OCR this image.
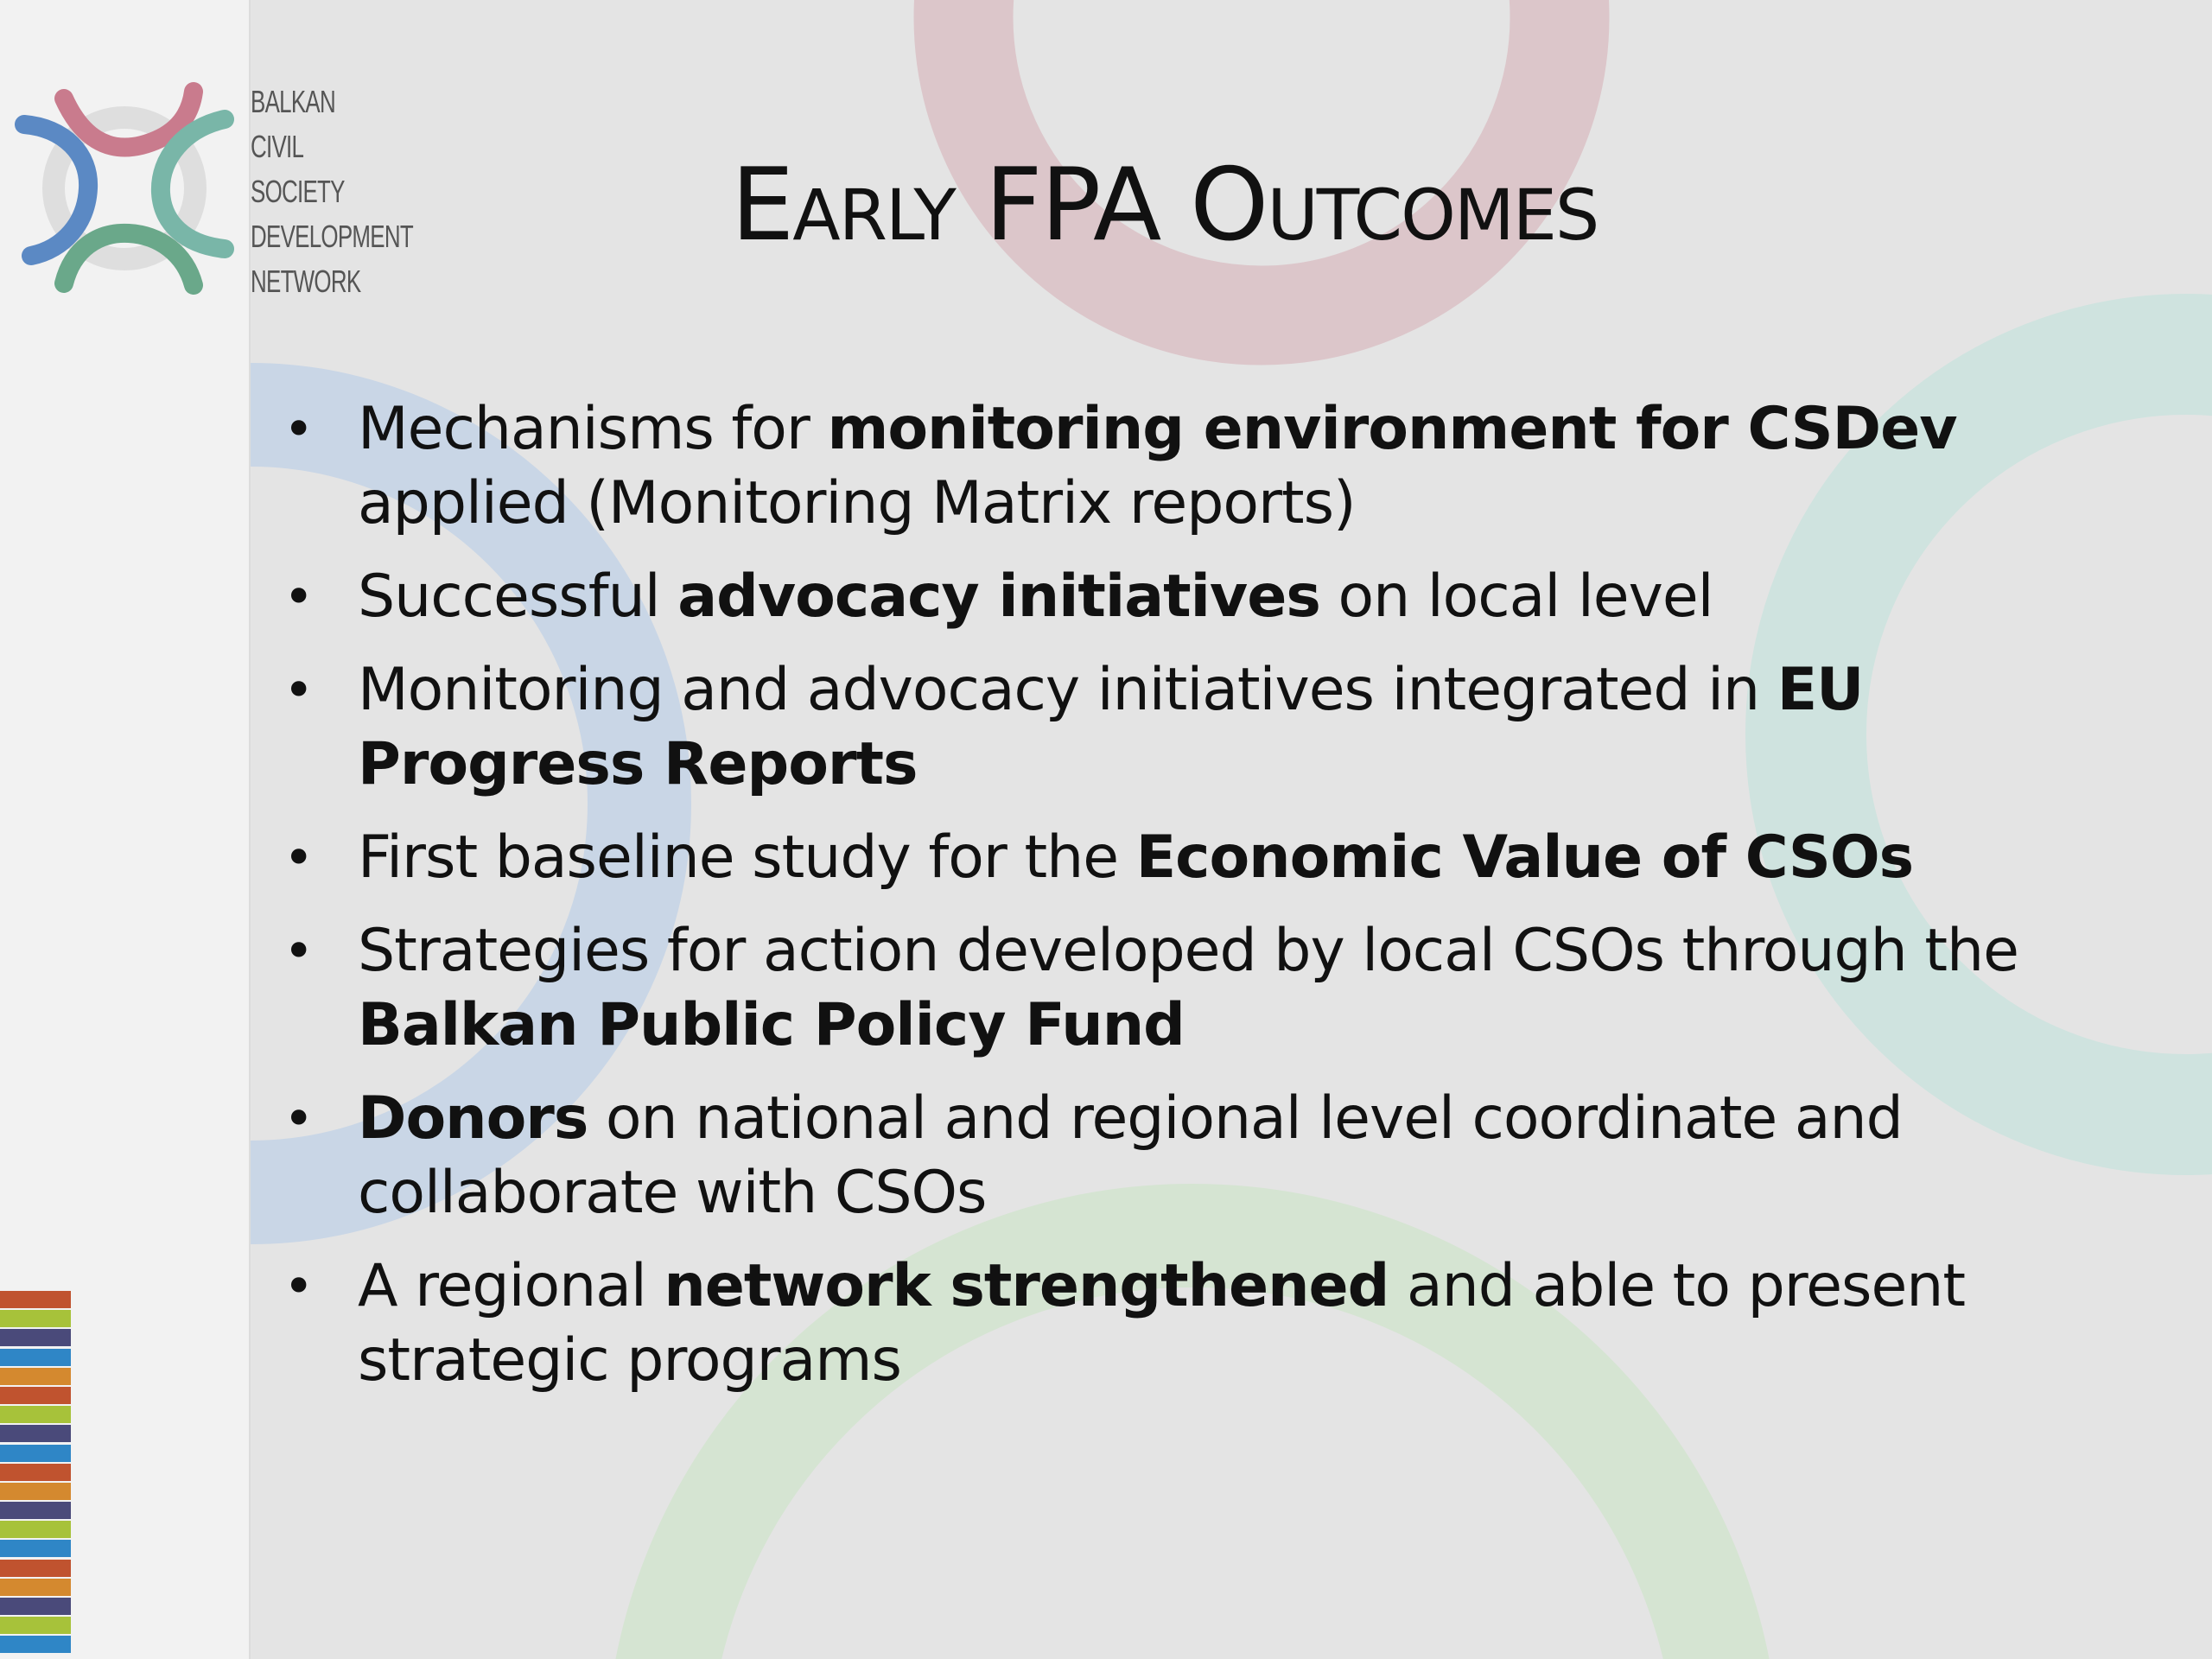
BALKAN
CIVIL
SOCIETY
DEVELOPMENT
NETWORK
Early FPA Outcomes
• Mechanisms for monitoring environment for CSDev applied (Monitoring Matrix reports)
• Successful advocacy initiatives on local level
• Monitoring and advocacy initiatives integrated in EU Progress Reports
• First baseline study for the Economic Value of CSOs
• Strategies for action developed by local CSOs through the Balkan Public Policy Fund
• Donors on national and regional level coordinate and collaborate with CSOs
• A regional network strengthened and able to present strategic programs
